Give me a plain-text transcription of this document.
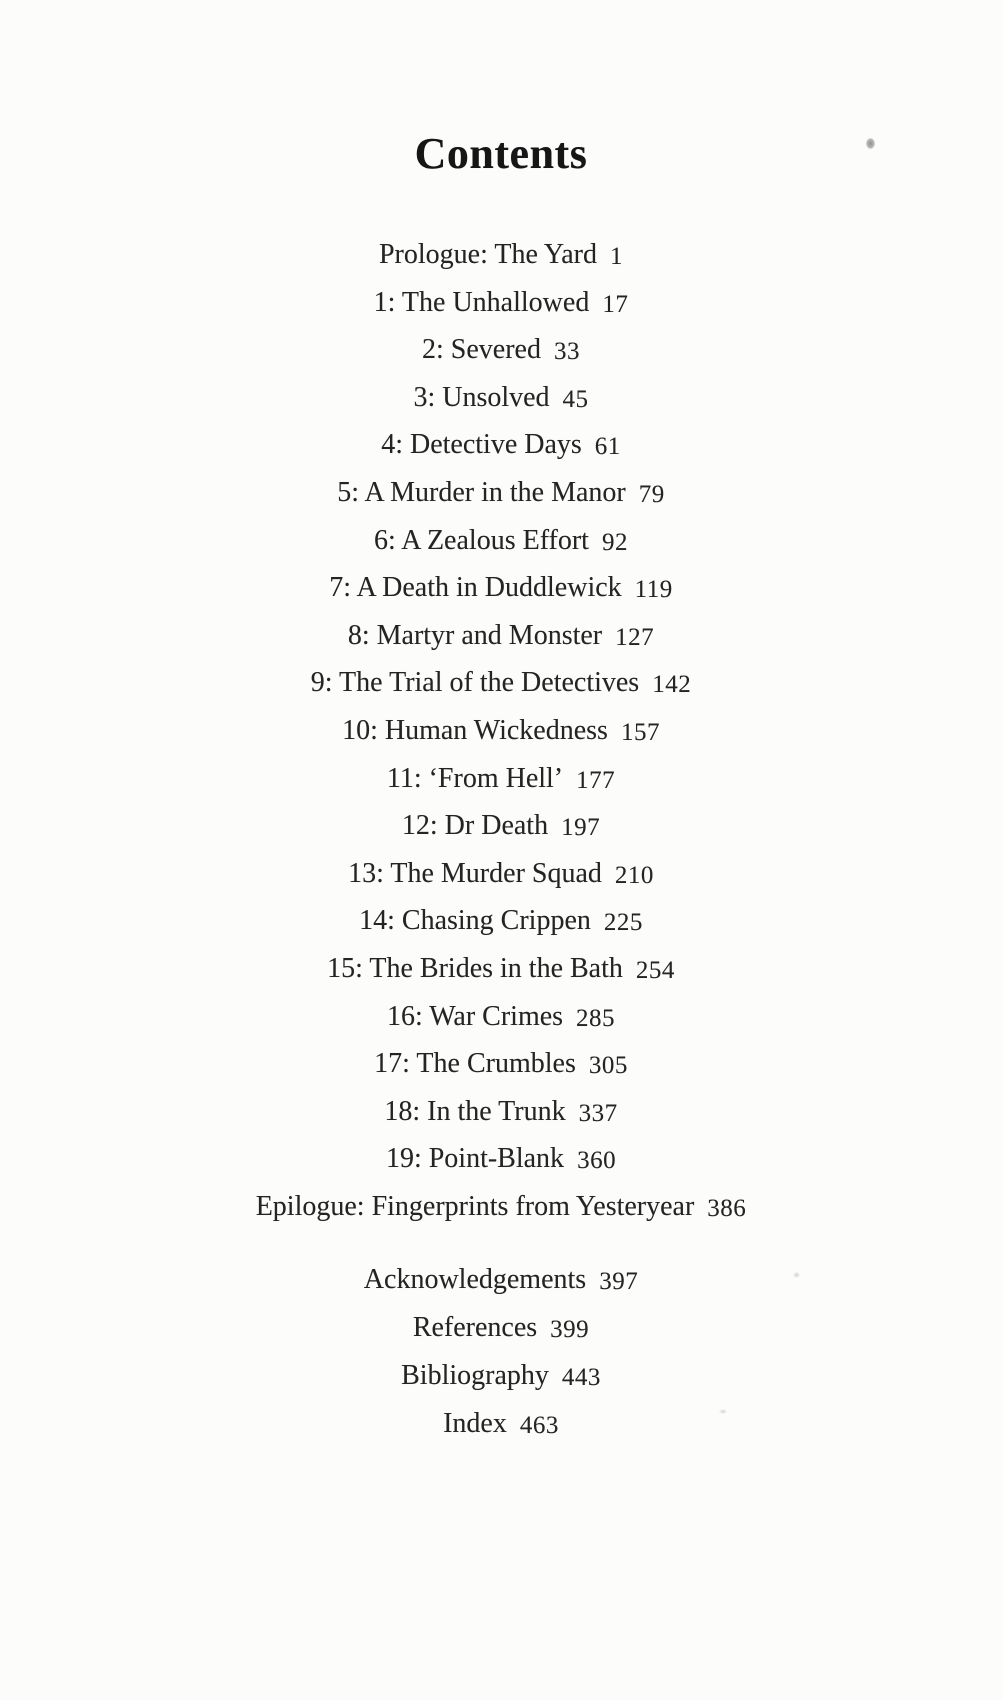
Contents
Prologue: The Yard 1
1: The Unhallowed 17
2: Severed 33
3: Unsolved 45
4: Detective Days 61
5: A Murder in the Manor 79
6: A Zealous Effort 92
7: A Death in Duddlewick 119
8: Martyr and Monster 127
9: The Trial of the Detectives 142
10: Human Wickedness 157
11: ‘From Hell’ 177
12: Dr Death 197
13: The Murder Squad 210
14: Chasing Crippen 225
15: The Brides in the Bath 254
16: War Crimes 285
17: The Crumbles 305
18: In the Trunk 337
19: Point-Blank 360
Epilogue: Fingerprints from Yesteryear 386
Acknowledgements 397
References 399
Bibliography 443
Index 463
